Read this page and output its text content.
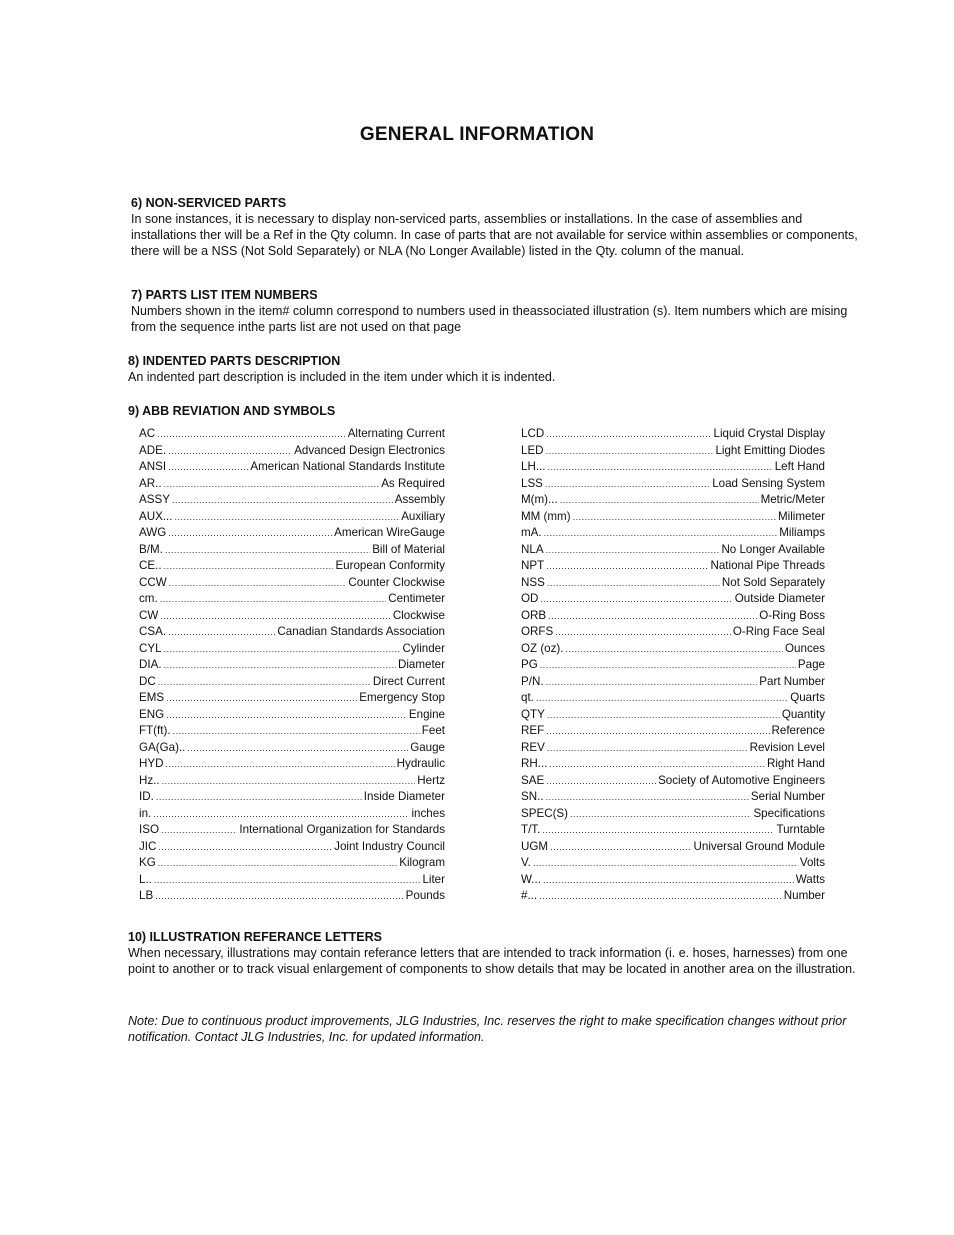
GENERAL INFORMATION
6) NON-SERVICED PARTS
In sone instances, it is necessary to display non-serviced parts, assemblies or installations. In the case of assemblies and installations ther will be a Ref in the Qty column. In case of parts that are not available for service within assemblies or components, there will be a NSS (Not Sold Separately) or NLA (No Longer Available) listed in the Qty. column of the manual.
7) PARTS LIST ITEM NUMBERS
Numbers shown in the item# column correspond to numbers used in theassociated illustration (s). Item numbers which are mising from the sequence inthe parts list are not used on that page
8) INDENTED PARTS DESCRIPTION
An indented part description is included in the item under which it is indented.
9) ABB REVIATION AND SYMBOLS
AC .....	Alternating Current
ADE. .....	Advanced Design Electronics
ANSI .....	American National Standards Institute
AR.. .....	As Required
ASSY .....	Assembly
AUX... .....	Auxiliary
AWG .....	American WireGauge
B/M. .....	Bill of Material
CE.. .....	European Conformity
CCW .....	Counter Clockwise
cm. .....	Centimeter
CW .....	Clockwise
CSA. .....	Canadian Standards Association
CYL .....	Cylinder
DIA. .....	Diameter
DC .....	Direct Current
EMS .....	Emergency Stop
ENG .....	Engine
FT(ft). .....	Feet
GA(Ga).. .....	Gauge
HYD .....	Hydraulic
Hz.. .....	Hertz
ID. .....	Inside Diameter
in. .....	inches
ISO .....	International Organization for Standards
JIC .....	Joint Industry Council
KG .....	Kilogram
L.. .....	Liter
LB .....	Pounds
LCD .....	Liquid Crystal Display
LED .....	Light Emitting Diodes
LH... .....	Left Hand
LSS .....	Load Sensing System
M(m)... .....	Metric/Meter
MM (mm) .....	Milimeter
mA. .....	Miliamps
NLA .....	No Longer Available
NPT .....	National Pipe Threads
NSS .....	Not Sold Separately
OD .....	Outside Diameter
ORB .....	O-Ring Boss
ORFS .....	O-Ring Face Seal
OZ (oz). .....	Ounces
PG .....	Page
P/N. .....	Part Number
qt. .....	Quarts
QTY .....	Quantity
REF .....	Reference
REV .....	Revision Level
RH... .....	Right Hand
SAE .....	Society of Automotive Engineers
SN.. .....	Serial Number
SPEC(S) .....	Specifications
T/T. .....	Turntable
UGM .....	Universal Ground Module
V. .....	Volts
W... .....	Watts
#... .....	Number
10) ILLUSTRATION REFERANCE LETTERS
When necessary, illustrations may contain referance letters that are intended to track information (i. e. hoses, harnesses) from one point to another or to track visual enlargement of components to show details that may be located in another area on the illustration.
Note: Due to continuous product improvements, JLG Industries, Inc. reserves the right to make specification changes without prior notification. Contact JLG Industries, Inc. for updated information.
